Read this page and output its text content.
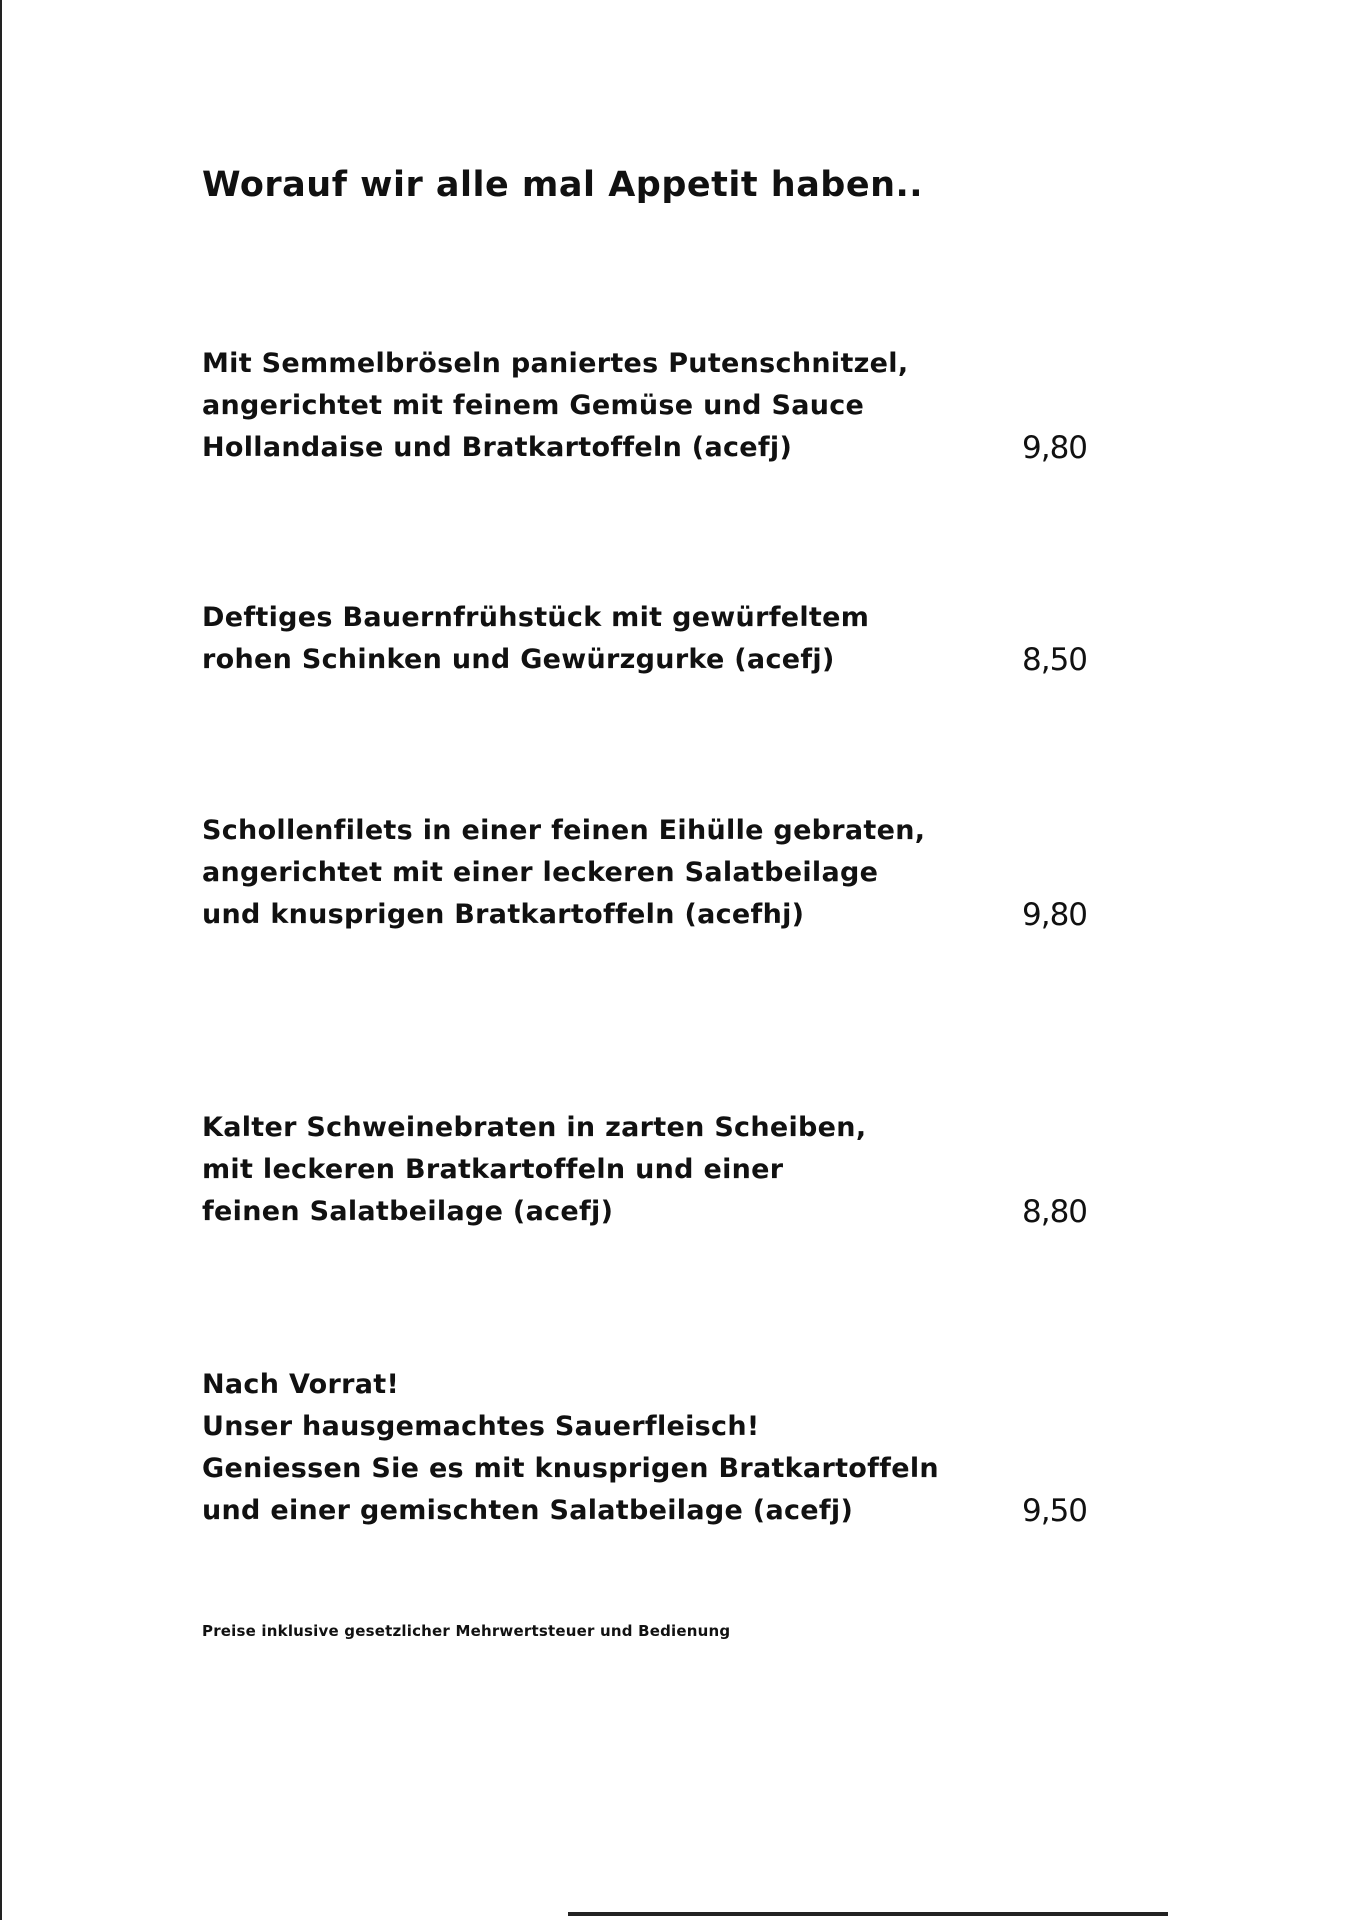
Worauf wir alle mal Appetit haben..
Mit Semmelbröseln paniertes Putenschnitzel,
angerichtet mit feinem Gemüse und Sauce
Hollandaise und Bratkartoffeln (acefj)	9,80
Deftiges Bauernfrühstück mit gewürfeltem
rohen Schinken und Gewürzgurke (acefj)	8,50
Schollenfilets in einer feinen Eihülle gebraten,
angerichtet mit einer leckeren Salatbeilage
und knusprigen Bratkartoffeln (acefhj)	9,80
Kalter Schweinebraten in zarten Scheiben,
mit leckeren Bratkartoffeln und einer
feinen Salatbeilage (acefj)	8,80
Nach Vorrat!
Unser hausgemachtes Sauerfleisch!
Geniessen Sie es mit knusprigen Bratkartoffeln
und einer gemischten Salatbeilage (acefj)	9,50
Preise inklusive gesetzlicher Mehrwertsteuer und Bedienung
